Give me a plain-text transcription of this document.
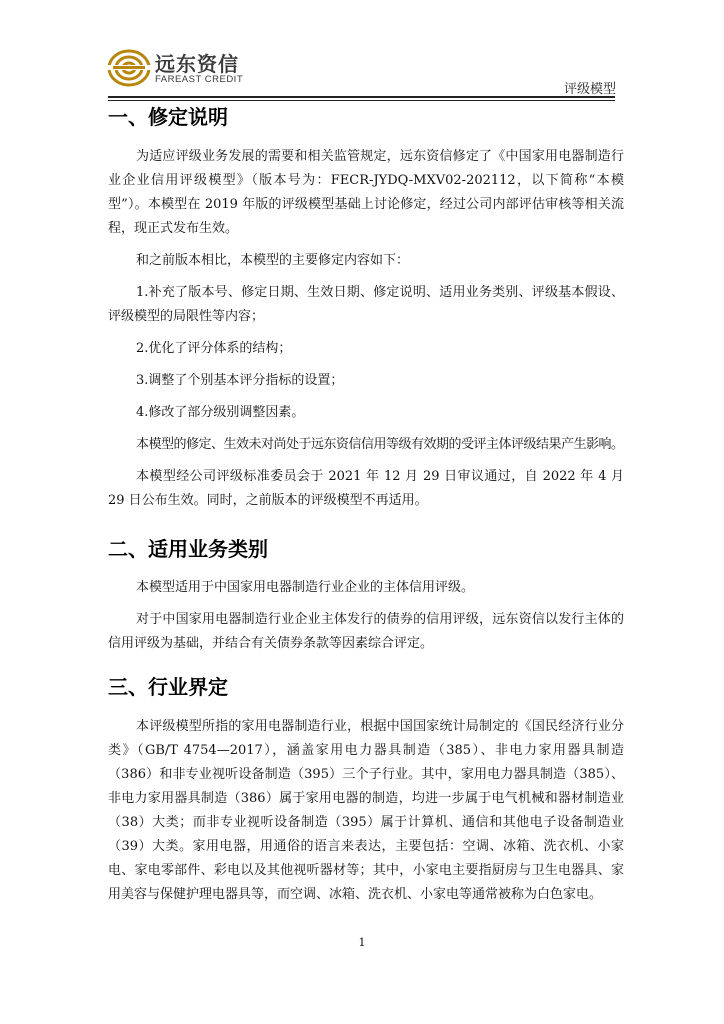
远东资信
FAREAST CREDIT
评级模型
一、修定说明

为适应评级业务发展的需要和相关监管规定，远东资信修定了《中国家用电器制造行业企业信用评级模型》（版本号为：FECR-JYDQ-MXV02-202112，以下简称“本模型”）。本模型在 2019 年版的评级模型基础上讨论修定，经过公司内部评估审核等相关流程，现正式发布生效。

和之前版本相比，本模型的主要修定内容如下：

1.补充了版本号、修定日期、生效日期、修定说明、适用业务类别、评级基本假设、评级模型的局限性等内容；

2.优化了评分体系的结构；

3.调整了个别基本评分指标的设置；

4.修改了部分级别调整因素。

本模型的修定、生效未对尚处于远东资信信用等级有效期的受评主体评级结果产生影响。

本模型经公司评级标准委员会于 2021 年 12 月 29 日审议通过，自 2022 年 4 月 29 日公布生效。同时，之前版本的评级模型不再适用。

二、适用业务类别

本模型适用于中国家用电器制造行业企业的主体信用评级。

对于中国家用电器制造行业企业主体发行的债券的信用评级，远东资信以发行主体的信用评级为基础，并结合有关债券条款等因素综合评定。

三、行业界定

本评级模型所指的家用电器制造行业，根据中国国家统计局制定的《国民经济行业分类》（GB/T 4754—2017），涵盖家用电力器具制造（385）、非电力家用器具制造（386）和非专业视听设备制造（395）三个子行业。其中，家用电力器具制造（385）、非电力家用器具制造（386）属于家用电器的制造，均进一步属于电气机械和器材制造业（38）大类；而非专业视听设备制造（395）属于计算机、通信和其他电子设备制造业（39）大类。家用电器，用通俗的语言来表达，主要包括：空调、冰箱、洗衣机、小家电、家电零部件、彩电以及其他视听器材等；其中，小家电主要指厨房与卫生电器具、家用美容与保健护理电器具等，而空调、冰箱、洗衣机、小家电等通常被称为白色家电。

1
